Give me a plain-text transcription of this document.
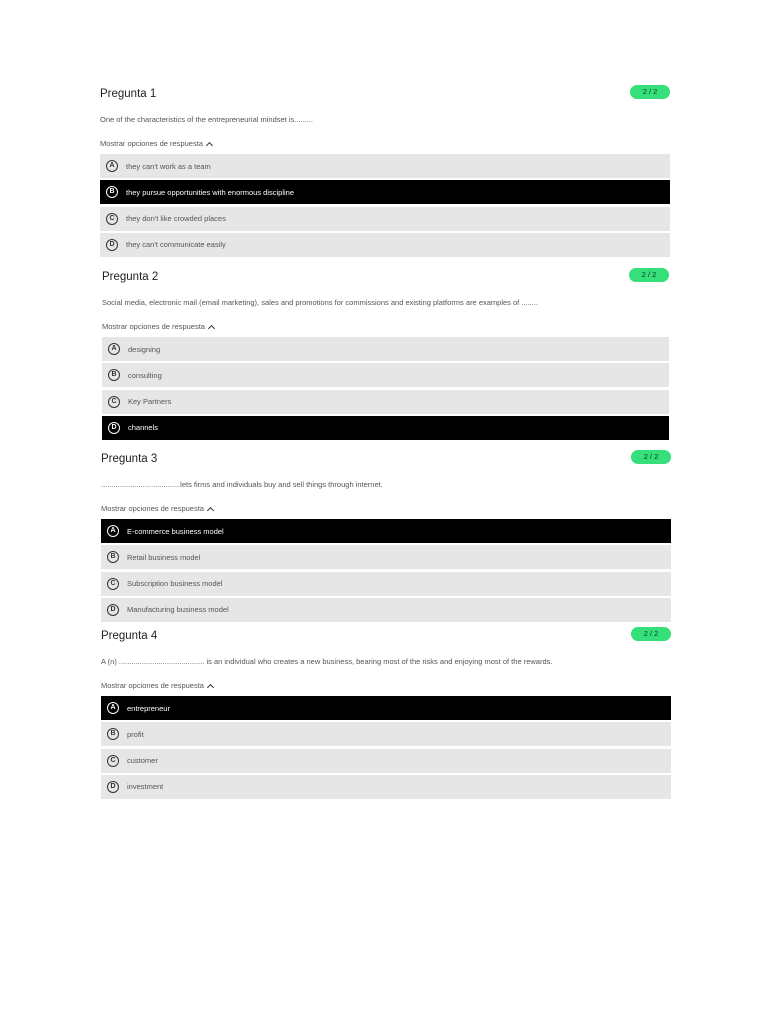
Pregunta 1	2 / 2
One of the characteristics of the entrepreneurial mindset is.........
Mostrar opciones de respuesta
A	they can't work as a team
B	they pursue opportunities with enormous discipline
C	they don't like crowded places
D	they can't communicate easily
Pregunta 2	2 / 2
Social media, electronic mail (email marketing), sales and promotions for commissions and existing platforms are examples of ........
Mostrar opciones de respuesta
A	designing
B	consulting
C	Key Partners
D	channels
Pregunta 3	2 / 2
......................................lets firms and individuals buy and sell things through internet.
Mostrar opciones de respuesta
A	E-commerce business model
B	Retail business model
C	Subscription business model
D	Manufacturing business model
Pregunta 4	2 / 2
A (n) ......................................... is an individual who creates a new business, bearing most of the risks and enjoying most of the rewards.
Mostrar opciones de respuesta
A	entrepreneur
B	profit
C	customer
D	investment
